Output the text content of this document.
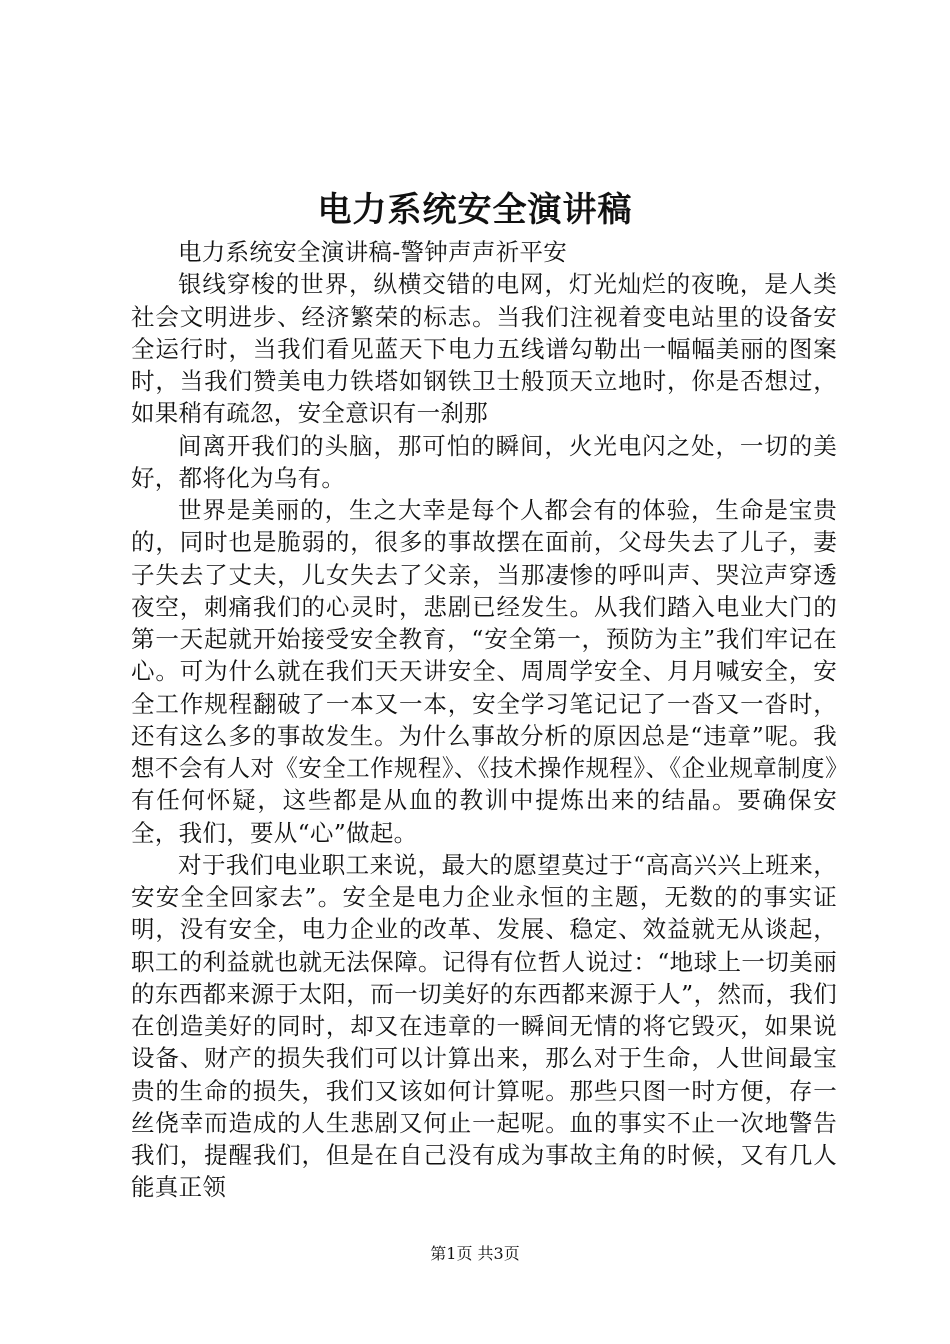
电力系统安全演讲稿

电力系统安全演讲稿-警钟声声祈平安

银线穿梭的世界，纵横交错的电网，灯光灿烂的夜晚，是人类社会文明进步、经济繁荣的标志。当我们注视着变电站里的设备安全运行时，当我们看见蓝天下电力五线谱勾勒出一幅幅美丽的图案时，当我们赞美电力铁塔如钢铁卫士般顶天立地时，你是否想过，如果稍有疏忽，安全意识有一刹那

间离开我们的头脑，那可怕的瞬间，火光电闪之处，一切的美好，都将化为乌有。

世界是美丽的，生之大幸是每个人都会有的体验，生命是宝贵的，同时也是脆弱的，很多的事故摆在面前，父母失去了儿子，妻子失去了丈夫，儿女失去了父亲，当那凄惨的呼叫声、哭泣声穿透夜空，刺痛我们的心灵时，悲剧已经发生。从我们踏入电业大门的第一天起就开始接受安全教育，“安全第一，预防为主”我们牢记在心。可为什么就在我们天天讲安全、周周学安全、月月喊安全，安全工作规程翻破了一本又一本，安全学习笔记记了一沓又一沓时，还有这么多的事故发生。为什么事故分析的原因总是“违章”呢。我想不会有人对《安全工作规程》、《技术操作规程》、《企业规章制度》有任何怀疑，这些都是从血的教训中提炼出来的结晶。要确保安全，我们，要从“心”做起。

对于我们电业职工来说，最大的愿望莫过于“高高兴兴上班来，安安全全回家去”。安全是电力企业永恒的主题，无数的的事实证明，没有安全，电力企业的改革、发展、稳定、效益就无从谈起，职工的利益就也就无法保障。记得有位哲人说过：“地球上一切美丽的东西都来源于太阳，而一切美好的东西都来源于人”，然而，我们在创造美好的同时，却又在违章的一瞬间无情的将它毁灭，如果说设备、财产的损失我们可以计算出来，那么对于生命，人世间最宝贵的生命的损失，我们又该如何计算呢。那些只图一时方便，存一丝侥幸而造成的人生悲剧又何止一起呢。血的事实不止一次地警告我们，提醒我们，但是在自己没有成为事故主角的时候，又有几人能真正领

第1页 共3页
